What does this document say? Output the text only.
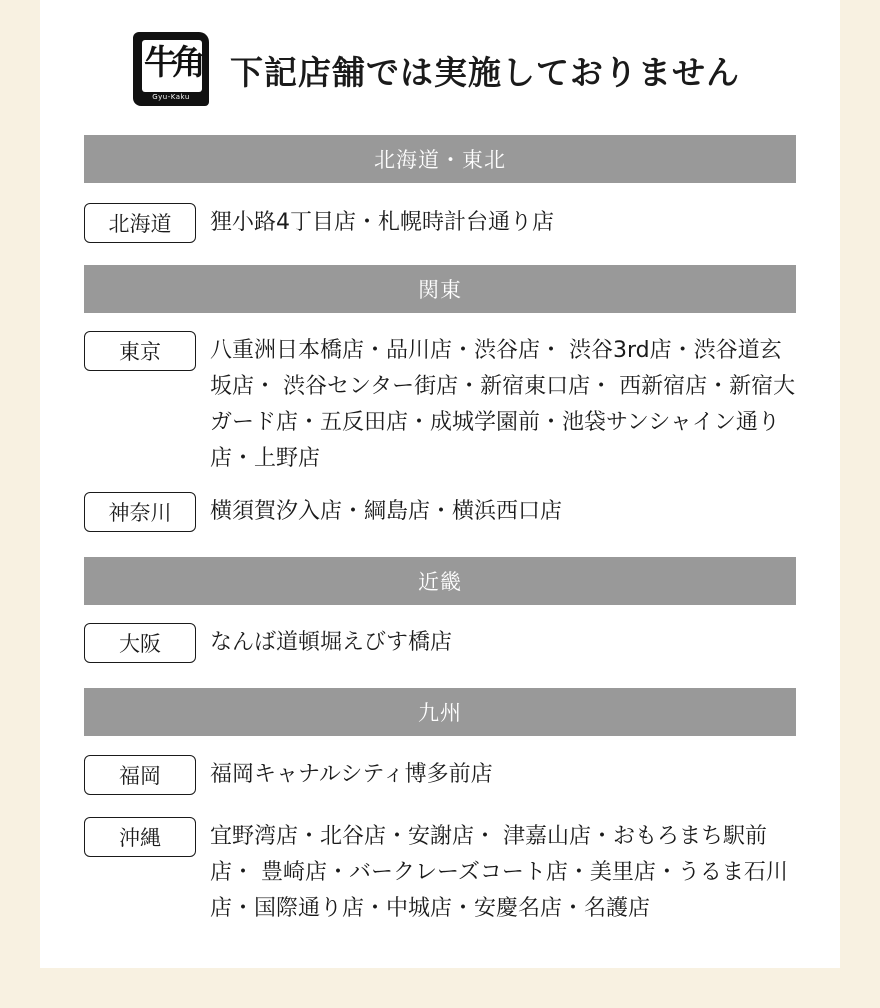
牛角
Gyu-Kaku
下記店舗では実施しておりません
北海道・東北
北海道	狸小路4丁目店・札幌時計台通り店
関東
東京	八重洲日本橋店・品川店・渋谷店・ 渋谷3rd店・渋谷道玄坂店・ 渋谷センター街店・新宿東口店・ 西新宿店・新宿大ガード店・五反田店・成城学園前・池袋サンシャイン通り店・上野店
神奈川	横須賀汐入店・綱島店・横浜西口店
近畿
大阪	なんば道頓堀えびす橋店
九州
福岡	福岡キャナルシティ博多前店
沖縄	宜野湾店・北谷店・安謝店・ 津嘉山店・おもろまち駅前店・ 豊崎店・バークレーズコート店・美里店・うるま石川店・国際通り店・中城店・安慶名店・名護店
